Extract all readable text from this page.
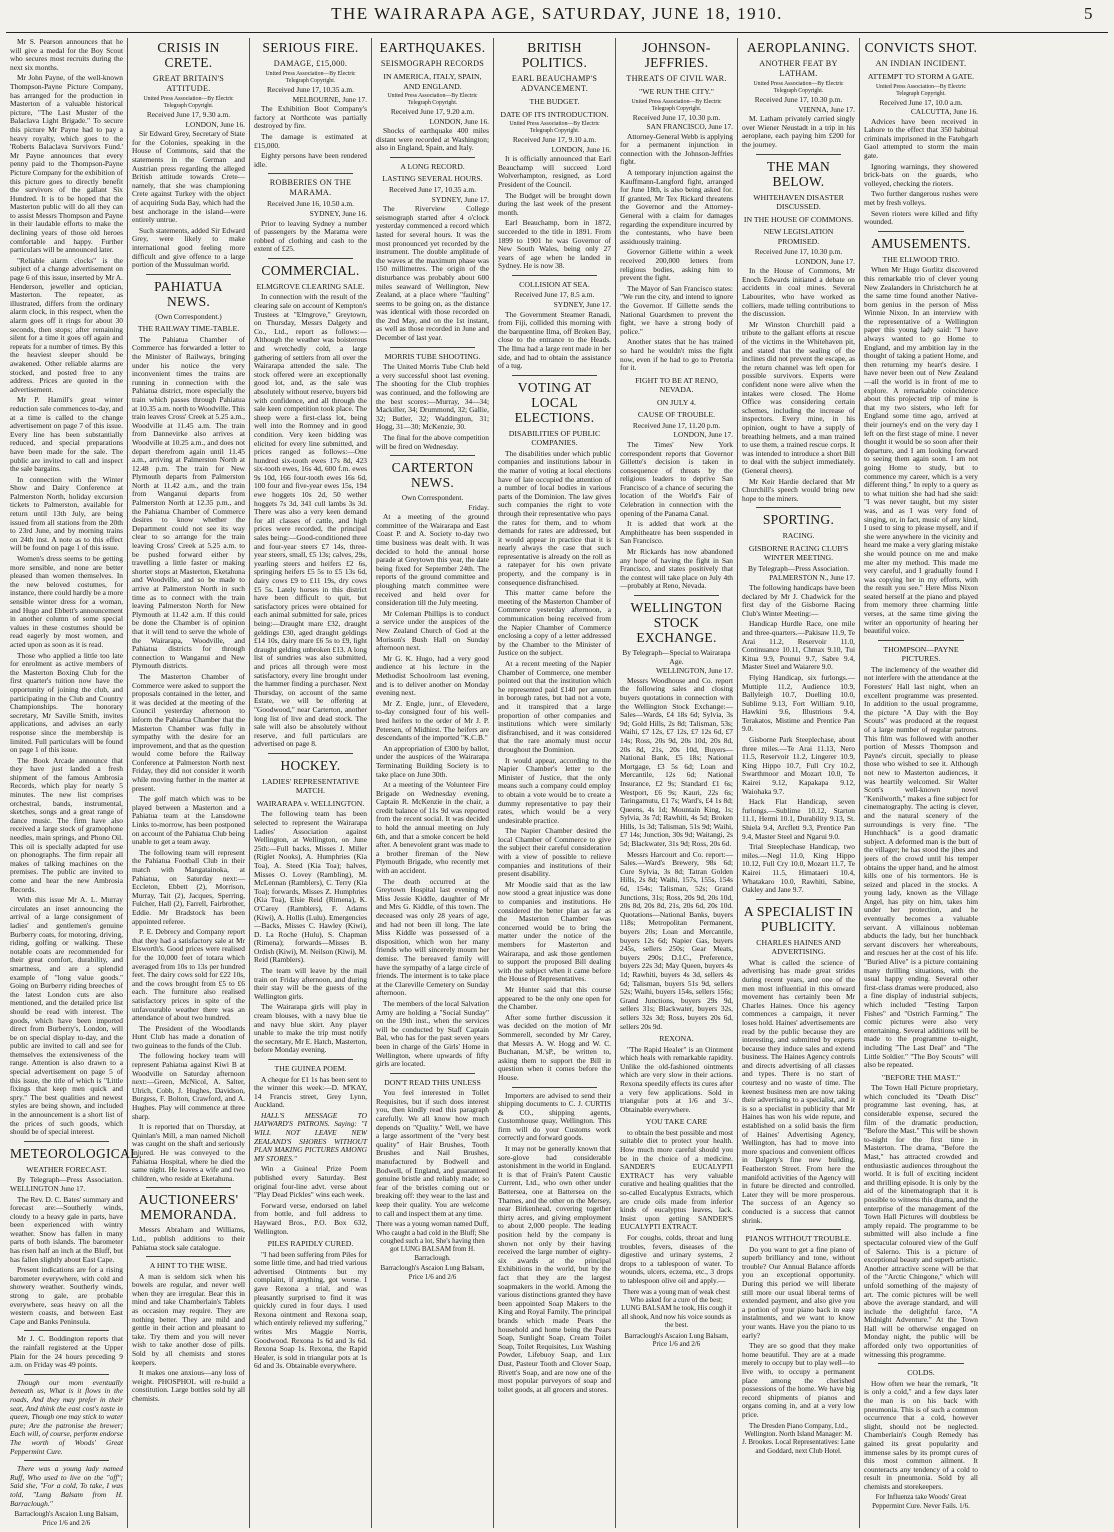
THE WAIRARAPA AGE, SATURDAY, JUNE 18, 1910.	5

Mr S. Pearson announces that he will give a medal for the Boy Scout who secures most recruits during the next six months.

Mr John Payne, of the well-known Thompson-Payne Picture Company, has arranged for the production in Masterton of a valuable historical picture, "The Last Muster of the Balaclava Light Brigade." To secure this picture Mr Payne had to pay a heavy royalty, which goes to the 'Roberts Balaclava Survivors Fund.' Mr Payne announces that every penny paid to the Thompson-Payne Picture Company for the exhibition of this picture goes to directly benefit the survivors of the gallant Six Hundred. It is to be hoped that the Masterton public will do all they can to assist Messrs Thompson and Payne in their laudable efforts to make the declining years of those old heroes comfortable and happy. Further particulars will be announced later.

"Reliable alarm clocks" is the subject of a change advertisement on page 6 of this issue, inserted by Mr A. Henderson, jeweller and optician, Masterton. The repeater, as illustrated, differs from the ordinary alarm clock, in this respect, when the alarm goes off it rings for about 30 seconds, then stops; after remaining silent for a time it goes off again and repeats for a number of times. By this the heaviest sleeper should be awakened. Other reliable alarms are stocked, and posted free to any address. Prices are quoted in the advertisement.

Mr P. Hamill's great winter reduction sale commences to-day, and at a time is called to the change advertisement on page 7 of this issue. Every line has been substantially reduced, and special preparations have been made for the sale. The public are invited to call and inspect the sale bargains.

In connection with the Winter Show and Dairy Conference at Palmerston North, holiday excursion tickets to Palmerston, available for return until 13th July, are being issued from all stations from the 20th to 23rd June, and by morning trains on 24th inst. A note as to this effect will be found on page 1 of this issue.

Women's dress seems to be getting more sensible, and none are better pleased than women themselves. In the new beloved costumes, for instance, there could hardly be a more sensible winter dress for a woman, and Hugo and Ebbett's announcement in another column of some special values in these costumes should be read eagerly by most women, and acted upon as soon as it is read.

Those who applied a little too late for enrolment as active members of the Masterton Boxing Club for the first quarter's tuition now have the opportunity of joining the club, and participating in the Club and Country Championships. The honorary secretary, Mr Saville Smith, invites applications, and advises an early response since the membership is limited. Full particulars will be found on page 1 of this issue.

The Book Arcade announce that they have just landed a fresh shipment of the famous Ambrosia Records, which play for nearly 5 minutes. The new list comprises orchestral, bands, instrumental, sketches, songs and a great range of dance music. The firm have also received a large stock of gramophone needles, main springs, and Phono Oil. This oil is specially adapted for use on phonographs. The firm repair all makes of talking machines on the premises. The public are invited to come and hear the new Ambrosia Records.

With this issue Mr A. L. Murray circulates an inset announcing the arrival of a large consignment of ladies' and gentlemen's genuine Burberry coats, for motoring, driving, riding, golfing or walking. These notable coats are recommended for their great comfort, durability, and smartness, and are a splendid example of "long value goods." Going on Burberry riding breeches of the latest London cuts are also mentioned, and the detailed price list should be read with interest. The goods, which have been imported direct from Burberry's, London, will be on special display to-day, and the public are invited to call and see for themselves the extensiveness of the range. Attention is also drawn to a special advertisement on page 5 of this issue, the title of which is "Little fixings that keep men quick and spry." The best qualities and newest styles are being shown, and included in the announcement is a short list of the prices of such goods, which should be of special interest.

METEOROLOGICAL.
WEATHER FORECAST.

By Telegraph—Press Association. WELLINGTON June 17.

The Rev. D. C. Bates' summary and forecast are:—Southerly winds, cloudy to a heavy gale in parts, have been experienced with wintry weather. Snow has fallen in many parts of both islands. The barometer has risen half an inch at the Bluff, but has fallen slightly about East Cape.

Present indications are for a rising barometer everywhere, with cold and showery weather. Southerly winds, strong to gale, are probable everywhere, seas heavy on all the western coasts, and between East Cape and Banks Peninsula.

Mr J. C. Boddington reports that the rainfall registered at the Upper Plain for the 24 hours preceding 9 a.m. on Friday was 49 points.

Though our mom eventually beneath us, What is it flows in the roads, And they may prefer in their seat, And think the east cost's taste in queen, Though one may stick to water pure; Are the patronise the brewer; Each will, of course, perform endorse The worth of Woods' Great Peppermint Cure.

There was a young lady named Ruff, Who used to live on the "off"; Said she, "For a cold, To take, I was told, "Lung Balsam from H. Barraclough."

Barraclough's Ascaion Lung Balsam, Price 1/6 and 2/6
CRISIS IN CRETE.
GREAT BRITAIN'S ATTITUDE.
United Press Association—By Electric Telegraph Copyright.
Received June 17, 9.30 a.m.
LONDON, June 16.

Sir Edward Grey, Secretary of State for the Colonies, speaking in the House of Commons, said that the statements in the German and Austrian press regarding the alleged British attitude towards Crete—namely, that she was championing Crete against Turkey with the object of acquiring Suda Bay, which had the best anchorage in the island—were entirely untrue.

Such statements, added Sir Edward Grey, were likely to make international good feeling more difficult and give offence to a large portion of the Mussulman world.

PAHIATUA NEWS.
(Own Correspondent.)
THE RAILWAY TIME-TABLE.

The Pahiatua Chamber of Commerce has forwarded a letter to the Minister of Railways, bringing under his notice the very inconvenient times the trains are running in connection with the Pahiatua district, more especially the train which passes through Pahiatua at 10.35 a.m. north to Woodville. This train leaves Cross' Creek at 5.25 a.m., Woodville at 11.45 a.m. The train from Dannevirke also arrives at Woodville at 10.25 a.m., and does not depart therefrom again until 11.45 a.m., arriving at Palmerston North at 12.48 p.m. The train for New Plymouth departs from Palmerston North at 11.42 a.m., and the train from Wanganui departs from Palmerston North at 12.35 p.m., and the Pahiatua Chamber of Commerce desires to know whether the Department could not see its way clear to so arrange for the train leaving Cross' Creek at 5.25 a.m. to be pushed forward either by travelling a little faster or making shorter stops at Masterton, Eketahuna and Woodville, and so be made to arrive at Palmerston North in such time as to connect with the train leaving Palmerston North for New Plymouth at 11.42 a.m. If this could be done the Chamber is of opinion that it will tend to serve the whole of the Wairarapa, Woodville, and Pahiatua districts for through connection to Wanganui and New Plymouth districts.

The Masterton Chamber of Commerce were asked to support the proposals contained in the letter, and it was decided at the meeting of the Council yesterday afternoon to inform the Pahiatua Chamber that the Masterton Chamber was fully in sympathy with the desire for an improvement, and that as the question would come before the Railway Conference at Palmerston North next Friday, they did not consider it worth while moving further in the matter at present.

The golf match which was to be played between a Masterton and a Pahiatua team at the Lansdowne Links to-morrow, has been postponed on account of the Pahiatua Club being unable to get a team away.

The following team will represent the Pahiatua Football Club in their match with Mangatainoka, at Pahiatua, on Saturday next:—Eccleton, Ebbett (2), Morrison, Murray, Tait (2), Jacques, Sperring, Fulcher, Hall (2), Farrell, Fairbrother, Eddie. Mr Bradstock has been appointed referee.

P. E. Debrecy and Company report that they had a satisfactory sale at Mr Elsworth's. Good prices were realised for the 10,000 feet of totara which averaged from 10s to 13s per hundred feet. The dairy cows sold for £22 10s, and the cows brought from £5 to £6 each. The furniture also realised satisfactory prices in spite of the unfavourable weather there was an attendance of about two hundred.

The President of the Woodlands Hunt Club has made a donation of two guineas to the funds of the Club.

The following hockey team will represent Pahiatua against Kiwi B at Woodville on Saturday afternoon next:—Green, McNicol, A. Salter, Ulrich, Cobb, J. Hughes, Davidson, Burgess, F. Bolton, Crawford, and A. Hughes. Play will commence at three sharp.

It is reported that on Thursday, at Quinlan's Mill, a man named Nicholl was caught on the shaft and seriously injured. He was conveyed to the Pahiatua Hospital, where he died the same night. He leaves a wife and two children, who reside at Eketahuna.

AUCTIONEERS' MEMORANDA.

Messrs Abraham and Williams, Ltd., publish additions to their Pahiatua stock sale catalogue.

A HINT TO THE WISE.

A man is seldom sick when his bowels are regular, and never well when they are irregular. Bear this in mind and take Chamberlain's Tablets as occasion may require. They are nothing better. They are mild and gentle in their action and pleasant to take. Try them and you will never wish to take another dose of pills. Sold by all chemists and stores keepers.

It makes one anxious—any loss of weight. PHOSPHOL will re-build a constitution. Large bottles sold by all chemists.

SERIOUS FIRE.
DAMAGE, £15,000.
United Press Association—By Electric Telegraph Copyright.
Received June 17, 10.35 a.m.
MELBOURNE, June 17.

The Exhibition Boot Company's factory at Northcote was partially destroyed by fire.

The damage is estimated at £15,000.

Eighty persons have been rendered idle.

ROBBERIES ON THE MARAMA.
Received June 16, 10.50 a.m.
SYDNEY, June 16.

Prior to leaving Sydney a number of passengers by the Marama were robbed of clothing and cash to the extent of £25.

COMMERCIAL.
ELMGROVE CLEARING SALE.

In connection with the result of the clearing sale on account of Kempton's Trustees at "Elmgrove," Greytown, on Thursday, Messrs Dalgety and Co., Ltd., report as follows:—Although the weather was boisterous and wretchedly cold, a large gathering of settlers from all over the Wairarapa attended the sale. The stock offered were an exceptionally good lot, and, as the sale was absolutely without reserve, buyers bid with confidence, and all through the sale keen competition took place. The sheep were a first-class lot, being well into the Romney and in good condition. Very keen bidding was elicited for every line submitted, and prices ranged as follows:—One hundred six-tooth ewes 17s 8d, 423 six-tooth ewes, 16s 4d, 600 f.m. ewes 9s 10d, 166 four-tooth ewes 16s 6d, 100 four and five-year ewes 15s, 194 ewe hoggets 10s 2d, 50 wether hoggets 7s 3d, 341 cull lambs 3s 3d. There was also a very keen demand for all classes of cattle, and high prices were recorded, the principal sales being:—Good-conditioned three and four-year steers £7 14s, three-year steers, small, £5 13s; calves, 29s, yearling steers and heifers £2 6s, springing heifers £5 5s to £5 13s 6d, dairy cows £9 to £11 19s, dry cows £5 5s. Lately horses in this district have been difficult to quit, but satisfactory prices were obtained for each animal submitted for sale, prices being:—Draught mare £32, draught geldings £30, aged draught geldings £14 10s, dairy mare £6 5s to £9, light draught gelding unbroken £13. A long list of sundries was also submitted, and prices all through were most satisfactory, every line brought under the hammer finding a purchaser. Next Thursday, on account of the same Estate, we will be offering at "Goodwood," near Carterton, another long list of live and dead stock. The sale will also be absolutely without reserve, and full particulars are advertised on page 8.

HOCKEY.
LADIES' REPRESENTATIVE MATCH.
WAIRARAPA v. WELLINGTON.

The following team has been selected to represent the Wairarapa Ladies' Association against Wellington, at Wellington, on June 25th:—Full backs, Misses J. Miller (Riglet Nooks), A. Humphries (Kia Toa), A. Steed (Kia Toa); halves, Misses O. Lovey (Rambling), M. McLennan (Ramblers), C. Terry (Kia Toa); forwards, Misses Z. Humphries (Kia Toa), Elsie Reid (Rimena), K. O'Carey (Ramblers), F. Adams (Kiwi), A. Hollis (Lulu). Emergencies—Backs, Misses C. Hawley (Kiwi), D. La Roche (Hulu), S. Chapman (Rimena); forwards—Misses B. Ordish (Kiwi), M. Neilson (Kiwi), M. Reid (Ramblers).

The team will leave by the mail train on Friday afternoon, and during their stay will be the guests of the Wellington girls.

The Wairarapa girls will play in cream blouses, with a navy blue tie and navy blue skirt. Any player unable to make the trip must notify the secretary, Mr E. Hatch, Masterton, before Monday evening.

THE GUINEA POEM.

A cheque for £1 1s has been sent to the winner this week:—D. M'KAY, 14 Francis street, Grey Lynn, Auckland.

HALL'S MESSAGE TO HAYWARD'S PATRONS. Saying: "I WILL NOT LEAVE NEW ZEALAND'S SHORES WITHOUT PLAN MAKING PICTURES AMONG MY STORES."

Win a Guinea! Prize Poem published every Saturday. Best original four-line advt. verse about "Play Dead Pickles" wins each week.

Forward verse, endorsed on label from bottle, and full address to Hayward Bros., P.O. Box 632, Wellington.

PILES RAPIDLY CURED.

"I had been suffering from Piles for some little time, and had tried various advertised Ointments but my complaint, if anything, got worse. I gave Rexona a trial, and was pleasantly surprised to find it was quickly cured in four days. I used Rexona ointment and Rexona soap, which entirely relieved my suffering," writes Mrs Maggie Norris, Goodwood. Rexona 1s 6d and 3s 6d. Rexona Soap 1s. Rexona, the Rapid Healer, is sold in triangular pots at 1s 6d and 3s. Obtainable everywhere.

EARTHQUAKES.
SEISMOGRAPH RECORDS
IN AMERICA, ITALY, SPAIN, AND ENGLAND.
United Press Association—By Electric Telegraph Copyright.
Received June 17, 9.20 a.m.
LONDON, June 16.

Shocks of earthquake 400 miles distant were recorded at Washington; also in England, Spain, and Italy.

A LONG RECORD.
LASTING SEVERAL HOURS.
Received June 17, 10.35 a.m.
SYDNEY, June 17.

The Riverview College seismograph started after 4 o'clock yesterday commenced a record which lasted for several hours. It was the most pronounced yet recorded by the instrument. The double amplitude of the waves at the maximum phase was 150 millimetres. The origin of the disturbance was probably about 600 miles seaward of Wellington, New Zealand, at a place where "faulting" seems to be going on, as the distance was identical with those recorded on the 2nd May, and on the 1st instant, as well as those recorded in June and December of last year.

MORRIS TUBE SHOOTING.

The United Morris Tube Club held a very successful shoot last evening. The shooting for the Club trophies was continued, and the following are the best scores:—Murray, 34—34; Mackiller, 34; Drummond, 32; Gallie, 32; Butler, 32; Waddington, 31; Hogg, 31—30; McKenzie, 30.

The final for the above competition will be fired on Wednesday.

CARTERTON NEWS.
Own Correspondent.
Friday.

At a meeting of the ground committee of the Wairarapa and East Coast P. and A. Society to-day two time business was dealt with. It was decided to hold the annual horse parade at Greytown this year, the date being fixed for September 24th. The reports of the ground committee and ploughing match committee were received and held over for consideration till the July meeting.

Mr Coleman Phillips is to conduct a service under the auspices of the New Zealand Church of God at the Morison's Bush Hall on Sunday afternoon next.

Mr G. K. Hugo, had a very good audience at his lecture in the Methodist Schoolroom last evening, and is to deliver another on Monday evening next.

Mr Z. Engle, junr., of Elevedere, to-day consigned four of his well-bred heifers to the order of Mr J. P. Petersen, of Midhirst. The heifers are descendants of the imported "K.C.B."

An appropriation of £300 by ballot, under the auspices of the Wairarapa Terminating Building Society is to take place on June 30th.

At a meeting of the Volunteer Fire Brigade on Wednesday evening, Captain R. McKenzie in the chair, a credit balance of 11s 9d was reported from the recent social. It was decided to hold the annual meeting on July 6th, and that a smoke concert be held after. A benevolent grant was made to a brother fireman of the New Plymouth Brigade, who recently met with an accident.

The death occurred at the Greytown Hospital last evening of Miss Jessie Kiddle, daughter of Mr and Mrs G. Kiddle, of this town. The deceased was only 28 years of age, and had not been ill long. The late Miss Kiddle was possessed of a disposition, which won her many friends who will sincerely mourn her demise. The bereaved family will have the sympathy of a large circle of friends. The interment is to take place at the Clareville Cemetery on Sunday afternoon.

The members of the local Salvation Army are holding a "Social Sunday" on the 19th inst., when the services will be conducted by Staff Captain Bal, who has for the past seven years been in charge of the Girls' Home in Wellington, where upwards of fifty girls are located.

DON'T READ THIS UNLESS

You feel interested in Tollet Requisites, but if such does interest you, then kindly read this paragraph carefully. We all know how much depends on "Quality." Well, we have a large assortment of the "very best quality" of Hair Brushes, Tooth Brushes and Nail Brushes, manufactured by Bodwell and Bodwell, of England, and guaranteed genuine bristle and reliably made; so fear of the bristles coming out or breaking off: they wear to the last and keep their quality. You are welcome to call and inspect them at any time.

There was a young woman named Duff, Who caught a bad cold in the Bluff; She coughed such a lot, She's having then got LUNG BALSAM from H. Barraclough.
Barraclough's Ascaion Lung Balsam, Price 1/6 and 2/6
BRITISH POLITICS.
EARL BEAUCHAMP'S ADVANCEMENT.
THE BUDGET.
DATE OF ITS INTRODUCTION.
United Press Association—By Electric Telegraph Copyright.
Received June 17, 9.10 a.m.
LONDON, June 16.

It is officially announced that Earl Beauchamp will succeed Lord Wolverhampton, resigned, as Lord President of the Council.

The Budget will be brought down during the last week of the present month.

Earl Beauchamp, born in 1872, succeeded to the title in 1891. From 1899 to 1901 he was Governor of New South Wales, being only 27 years of age when he landed in Sydney. He is now 38.

COLLISION AT SEA.
Received June 17, 8.5 a.m.
SYDNEY, June 17.

The Government Steamer Ranadi, from Fiji, collided this morning with the barquentine Ilma, off Broken Bay, close to the entrance to the Heads. The Ilma had a large rent made in her side, and had to obtain the assistance of a tug.

VOTING AT LOCAL ELECTIONS.
DISABILITIES OF PUBLIC COMPANIES.

The disabilities under which public companies and institutions labour in the matter of voting at local elections have of late occupied the attention of a number of local bodies in various parts of the Dominion. The law gives such companies the right to vote through their representative who pays the rates for them, and to whom demands for rates are addressed, but it would appear in practice that it is nearly always the case that such representative is already on the roll as a ratepayer for his own private property, and the company is in consequence disfranchised.

This matter came before the meeting of the Masterton Chamber of Commerce yesterday afternoon, a communication being received from the Napier Chamber of Commerce enclosing a copy of a letter addressed by the Chamber to the Minister of Justice on the subject.

At a recent meeting of the Napier Chamber of Commerce, one member pointed out that the institution which he represented paid £140 per annum in borough rates, but had not a vote, and it transpired that a large proportion of other companies and institutions which were similarly disfranchised, and it was considered that the rare anomaly must occur throughout the Dominion.

It would appear, according to the Napier Chamber's letter to the Minister of Justice, that the only means such a company could employ to obtain a vote would be to create a dummy representative to pay their rates, which would be a very undesirable practice.

The Napier Chamber desired the local Chamber of Commerce to give the subject their careful consideration with a view of possible to relieve companies and institutions of their present disability.

Mr Moodie said that as the law now stood a great injustice was done to companies and institutions. He considered the better plan as far as the Masterton Chamber was concerned would be to bring the matter under the notice of the members for Masterton and Wairarapa, and ask those gentlemen to support the proposed Bill dealing with the subject when it came before the House of Representatives.

Mr Hunter said that this course appeared to be the only one open for the Chamber.

After some further discussion it was decided on the motion of Mr Sommerell, seconded by Mr Carey, that Messrs A. W. Hogg and W. C. Buchanan, M.'sP., be written to, asking them to support the Bill in question when it comes before the House.

Importers are advised to send their shipping documents to C. J. CURTIS & CO., shipping agents, Customhouse quay, Wellington. This firm will do your Customs work correctly and forward goods.

It may not be generally known that sore-glove had considerable astonishment in the world in England. It is that of Frain's Patent Caustic Current, Ltd., who own other under Battersea, one at Battersea on the Thames, and the other on the Mersey, near Birkenhead, covering together thirty acres, and giving employment to about 2,000 people. The leading position held by the company is shown not only by their having received the large number of eighty-six awards at the principal Exhibitions in the world, but by the fact that they are the largest soapmakers in the world. Among the various distinctions granted they have been appointed Soap Makers to the King and Royal Family. The principal brands which made Pears the household and home being the Pears Soap, Sunlight Soap, Cream Toilet Soap, Toilet Requisites, Lux Washing Powder, Lifebuoy Soap, and Lux Dust, Pasteur Tooth and Clover Soap, Rivett's Soap, and are now one of the most popular purveyors of soap and toilet goods, at all grocers and stores.

JOHNSON-JEFFRIES.
THREATS OF CIVIL WAR.
"WE RUN THE CITY."
United Press Association—By Electric Telegraph Copyright.
Received June 17, 10.30 p.m.
SAN FRANCISCO, June 17.

Attorney-General Webb is applying for a permanent injunction in connection with the Johnson-Jeffries fight.

A temporary injunction against the Kauffmann-Langford fight, arranged for June 18th, is also being asked for. If granted, Mr Tex Rickard threatens the Governor and the Attorney-General with a claim for damages regarding the expenditure incurred by the contestants, who have been assiduously training.

Governor Gillette within a week received 200,000 letters from religious bodies, asking him to prevent the fight.

The Mayor of San Francisco states: "We run the city, and intend to ignore the Governor. If Gillette sends the National Guardsmen to prevent the fight, we have a strong body of police."

Another states that he has trained so hard he wouldn't miss the fight now, even if he had to go to Pretoria for it.

FIGHT TO BE AT RENO, NEVADA.
ON JULY 4.
CAUSE OF TROUBLE.
Received June 17, 11.20 p.m.
LONDON, June 17.

The Times' New York correspondent reports that Governor Gillette's decision is taken in consequence of threats by the religious leaders to deprive San Francisco of a chance of securing the location of the World's Fair of Celebration in connection with the opening of the Panama Canal.

It is added that work at the Amphitheatre has been suspended in San Francisco.

Mr Rickards has now abandoned any hope of having the fight in San Francisco, and states positively that the contest will take place on July 4th—probably at Reno, Nevada.

WELLINGTON STOCK EXCHANGE.
By Telegraph—Special to Wairarapa Age.
WELLINGTON, June 17.

Messrs Woodhouse and Co. report the following sales and closing buyers quotations in connection with the Wellington Stock Exchange:—Sales—Wards, £4 18s 6d; Sylvia, 3s 9d; Gold Hills, 2s 8d; Talisman, 53s; Waihi, £7 12s, £7 12s, £7 12s 6d, £7 14s; Ross, 20s 9d, 20s 10d, 20s 8d, 20s 8d, 21s, 20s 10d, Buyers—National Bank, £5 18s; National Mortgage, £3 5s 6d; Loan and Mercantile, 12s 6d; National Insurance, £2 9s; Standard £1 6s; Westport, £6 9s; Kauri, 22s 6s; Taringamutu, £1 7s; Ward's, £4 1s 8d; Queens, 4s 1d; Mountain King, 1s; Sylvia, 3s 7d; Rawhiti, 4s 5d; Broken Hills, 1s 3d; Talisman, 51s 9d; Waihi, £7 14s; Junction, 30s 9d; Waitangi, 2s 5d; Blackwater, 31s 9d; Ross, 20s 6d.

Messrs Harcourt and Co. report:—Sales.—Ward's Brewery, 98s 6d; Cure Sylvia, 3s 8d; Tatran Golden Hills, 2s 8d; Waihi, 157s, 155s, 154s 6d, 154s; Talisman, 52s; Grand Junctions, 31s; Ross, 20s 9d, 20s 10d, 20s 8d, 20s 8d, 21s, 20s 6d, 20s 10d. Quotations—National Banks, buyers 118s; Metropolitan Permanent, buyers 20s; Loan and Mercantile, buyers 12s 6d; Napier Gas, buyers 245s, sellers 250s; Gear Meats, buyers 290s; D.I.C., Preference, buyers 22s 3d; May Queen, buyers 4s 1d; Rawhiti, buyers 4s 3d, sellers 4s 6d; Talisman, buyers 51s 9d, sellers 52s; Waihi, buyers 154s, sellers 156s; Grand Junctions, buyers 29s 9d, sellers 31s; Blackwater, buyers 32s, sellers 32s 3d; Ross, buyers 20s 6d, sellers 20s 9d.

REXONA.

"The Rapid Healer" is an Ointment which heals with remarkable rapidity. Unlike the old-fashioned ointments which are very slow in their actions. Rexona speedily effects its cures after a very few applications. Sold in triangular pots at 1/6 and 3/-. Obtainable everywhere.

YOU TAKE CARE

to obtain the best possible and most suitable diet to protect your health. How much more careful should you be in the choice of a medicine. SANDER'S EUCALYPTI EXTRACT has very valuable curative and healing qualities that the so-called Eucalyptus Extracts, which are crude oils made from inferior kinds of eucalyptus leaves, lack. Insist upon getting SANDER'S EUCALYPTI EXTRACT.

For coughs, colds, throat and lung troubles, fevers, diseases of the digestive and urinary systems, 2 drops to a tablespoon of water. To wounds, ulcers, eczema, etc., 3 drops to tablespoon olive oil and apply.—

There was a young man of weak chest Who asked for a cure of the best; LUNG BALSAM he took, His cough it all shook, And now his voice sounds as the best.
Barraclough's Ascaion Lung Balsam, Price 1/6 and 2/6
AEROPLANING.
ANOTHER FEAT BY LATHAM.
United Press Association—By Electric Telegraph Copyright.
Received June 17, 10.30 p.m.
VIENNA, June 17.

M. Latham privately carried singly over Wiener Neustadt in a trip in his aeroplane, each paying him £200 for the journey.

THE MAN BELOW.
WHITEHAVEN DISASTER DISCUSSED.
IN THE HOUSE OF COMMONS.
NEW LEGISLATION PROMISED.
Received June 17, 10.30 p.m.
LONDON, June 17.

In the House of Commons, Mr Enoch Edwards initiated a debate on accidents in coal mines. Several Labourites, who have worked as colliers, made telling contributions to the discussion.

Mr Winston Churchill paid a tribute to the gallant efforts at rescue of the victims in the Whitehaven pit, and stated that the sealing of the inclines did not prevent the escape, as the return channel was left open for possible survivors. Experts were confident none were alive when the intakes were closed. The Home Office was considering certain schemes, including the increase of inspectors. Every mine, in his opinion, ought to have a supply of breathing helmets, and a man trained to use them, a trained rescue corps. It was intended to introduce a short Bill to deal with the subject immediately. (General cheers).

Mr Keir Hardie declared that Mr Churchill's speech would bring new hope to the miners.

SPORTING.
RACING.
GISBORNE RACING CLUB'S WINTER MEETING.
By Telegraph—Press Association.
PALMERSTON N., June 17.

The following handicaps have been declared by Mr J. Chadwick for the first day of the Gisborne Racing Club's Winter Meeting:—

Handicap Hurdle Race, one mile and three-quarters.—Pakisaw 11.9, Te Arai 11.2, Reservoir 11.0, Continuance 10.11, Chmax 9.10, Tui Kitua 9.9, Pounui 9.7, Sabre 9.4, Master Steel and Waiarere 9.0.

Flying Handicap, six furlongs.—Muttiple 11.2, Audience 10.9, Ballyleigh 10.7, Duelling 10.0, Sublime 9.13, Fort William 9.10, Hawkini 9.6, Illustrious 9.4, Terakatos, Mistime and Prentice Pan 9.0.

Gisborne Park Steeplechase, about three miles.—Te Arai 11.13, Nero 11.5, Reservoir 11.2, Lingerer 10.9, King Hippo 10.7, Full Cry 10.2, Swarthmoor and Mozart 10.0, Te Kairei 9.12, Kapakapa 9.12, Waiohaka 9.7.

Hack Flat Handicap, seven furlongs.—Sublime 10.12, Starton 11.1, Hermi 10.1, Durability 9.13, St. Shiela 9.4, Arcflett 9.3, Prentice Pan 9.4, Master Steel and Ngarui 9.0.

Trial Steeplechase Handicap, two miles.—Negl 11.0, King Hippo 10.12, Full Cry 10.0, Mozart 11.7, Te Kairei 11.5, Himataeri 10.4, Whatakaro 10.0, Rawhiti, Sabine, Oakley and Jane 9.7.

A SPECIALIST IN PUBLICITY.
CHARLES HAINES AND ADVERTISING.

What is called the science of advertising has made great strides during recent years, and one of the men most influential in this onward movement has certainly been Mr Charles Haines. Once his agency commences a campaign, it never loses hold. Haines' advertisements are read by the public because they are interesting, and submitted by experts because they induce sales and extend business. The Haines Agency controls and directs advertising of all classes and types. There is no start of courtesy and no waste of time. The keenest business men are now taking their advertising to a specialist, and it is so a specialist in publicity that Mr Haines has won his wide repute, and established on a solid basis the firm of Haines' Advertising Agency, Wellington, has had to move into more spacious and convenient offices in Dalgety's fine new building, Featherston Street. From here the manifold activities of the Agency will in future be directed and controlled. Later they will be more prosperous. The success of an Agency so conducted is a success that cannot shrink.

PIANOS WITHOUT TROUBLE.

Do you want to get a fine piano of superb brilliancy and tone, without trouble? Our Annual Balance affords you an exceptional opportunity. During this period we will liberate still more our usual liberal terms of extended payment, and also give you a portion of your piano back in easy instalments, and we want to know your wants. Have you the piano to us early?

They are so good that they make home beautiful. They are at a made merely to occupy but to play well—to live with, to occupy a permanent place among the cherished possessions of the home. We have big record shipments of pianos and organs coming in, and at a very low price.

The Dresden Piano Company, Ltd., Wellington. North Island Manager: M. J. Brookes. Local Representatives: Lane and Goddard, next Club Hotel.
CONVICTS SHOT.
AN INDIAN INCIDENT.
ATTEMPT TO STORM A GATE.
United Press Association—By Electric Telegraph Copyright.
Received June 17, 10.0 a.m.
CALCUTTA, June 16.

Advices have been received in Lahore to the effect that 350 habitual criminals imprisoned in the Fatehgarh Gaol attempted to storm the main gate.

Ignoring warnings, they showered brick-bats on the guards, who volleyed, checking the rioters.

Two further dangerous rushes were met by fresh volleys.

Seven rioters were killed and fifty wounded.

AMUSEMENTS.
THE ELLWOOD TRIO.

When Mr Hugo Gorlitz discovered this remarkable trio of clever young New Zealanders in Christchurch he at the same time found another Native-born genius in the person of Miss Winnie Nixon. In an interview with the representative of a Wellington paper this young lady said: "I have always wanted to go Home to England, and my ambition lay in the thought of taking a patient Home, and then returning my heart's desire. I have never been out of New Zealand—all the world is in front of me to explore. A remarkable coincidence about this projected trip of mine is that my two sisters, who left for England some time ago, arrived at their journey's end on the very day I left on the first stage of mine. I never thought it would be so soon after their departure, and I am looking forward to seeing them again soon. I am not going Home to study, but to commence my career, which is a very different thing." In reply to a query as to what tuition she had had she said: "I was never taught, but my sister was, and as I was very fond of singing, or, in fact, music of any kind, I used to sing to please myself, and if she were anywhere in the vicinity and heard me make a very glaring mistake she would pounce on me and make me alter my method. This made me very careful, and I gradually found I was copying her in my efforts, with the result you see." Here Miss Nixon seated herself at the piano and played from memory three charming little verses, at the same time giving the writer an opportunity of hearing her beautiful voice.

THOMPSON—PAYNE PICTURES.

The inclemency of the weather did not interfere with the attendance at the Foresters' Hall last night, when an excellent programme was presented. In addition to the usual programme, the picture "A Day with the Boy Scouts" was produced at the request of a large number of regular patrons. This film was followed with another portion of Messrs Thompson and Payne's circuit, specially to please those who wished to see it. Although not new to Masterton audiences, it was heartily welcomed. Sir Walter Scott's well-known novel "Kenilworth," makes a fine subject for cinematography. The acting is clever, and the natural scenery of the surroundings is very fine. "The Hunchback" is a good dramatic subject. A deformed man is the butt of the villager; he has stood the jibes and jeers of the crowd until his temper obtains the upper hand, and he almost kills one of his tormentors. He is seized and placed in the stocks. A young lady, known as the Village Angel, has pity on him, takes him under her protection, and he eventually becomes a valuable servant. A villainous nobleman abducts the lady, but her hunchback servant discovers her whereabouts, and rescues her at the cost of his life. "Buried Alive" is a picture containing many thrilling situations, with the usual happy ending. Several other first-class dramas were produced, also a fine display of industrial subjects, which included "Testing Tarpon Fishes" and "Ostrich Farming." The comic pictures were also very entertaining. Several additions will be made to the programme to-night, including "The Last Deal" and "The Little Soldier." "The Boy Scouts" will also be repeated.

"BEFORE THE MAST."

The Town Hall Picture proprietary, which concluded its "Death Disc" programme last evening, has, at considerable expense, secured the film of the dramatic production, "Before the Mast." This will be shown to-night for the first time in Masterton. The drama, "Before the Mast," has attracted crowded and enthusiastic audiences throughout the world. It is full of exciting incident and thrilling episode. It is only by the aid of the kinematograph that it is possible to witness this drama, and the enterprise of the management of the Town Hall Pictures will doubtless be amply repaid. The programme to be submitted will also include a fine spectacular coloured view of the Gulf of Salerno. This is a picture of exceptional beauty and superb artistic. Another attractive scene will be that of the "Arctic Chingone," which will unfold something of the majesty of art. The comic pictures will be well above the average standard, and will include the delightful farce, "A Midnight Adventure." At the Town Hall will be otherwise engaged on Monday night, the public will be afforded only two opportunities of witnessing this programme.

COLDS.

How often we hear the remark, "It is only a cold," and a few days later the man is on his back with pneumonia. This is of such a common occurrence that a cold, however slight, should not be neglected. Chamberlain's Cough Remedy has gained its great popularity and immense sales by its prompt cures of this most common ailment. It counteracts any tendency of a cold to result in pneumonia. Sold by all chemists and storekeepers.

For Influenza take Woods' Great Peppermint Cure. Never Fails. 1/6.
